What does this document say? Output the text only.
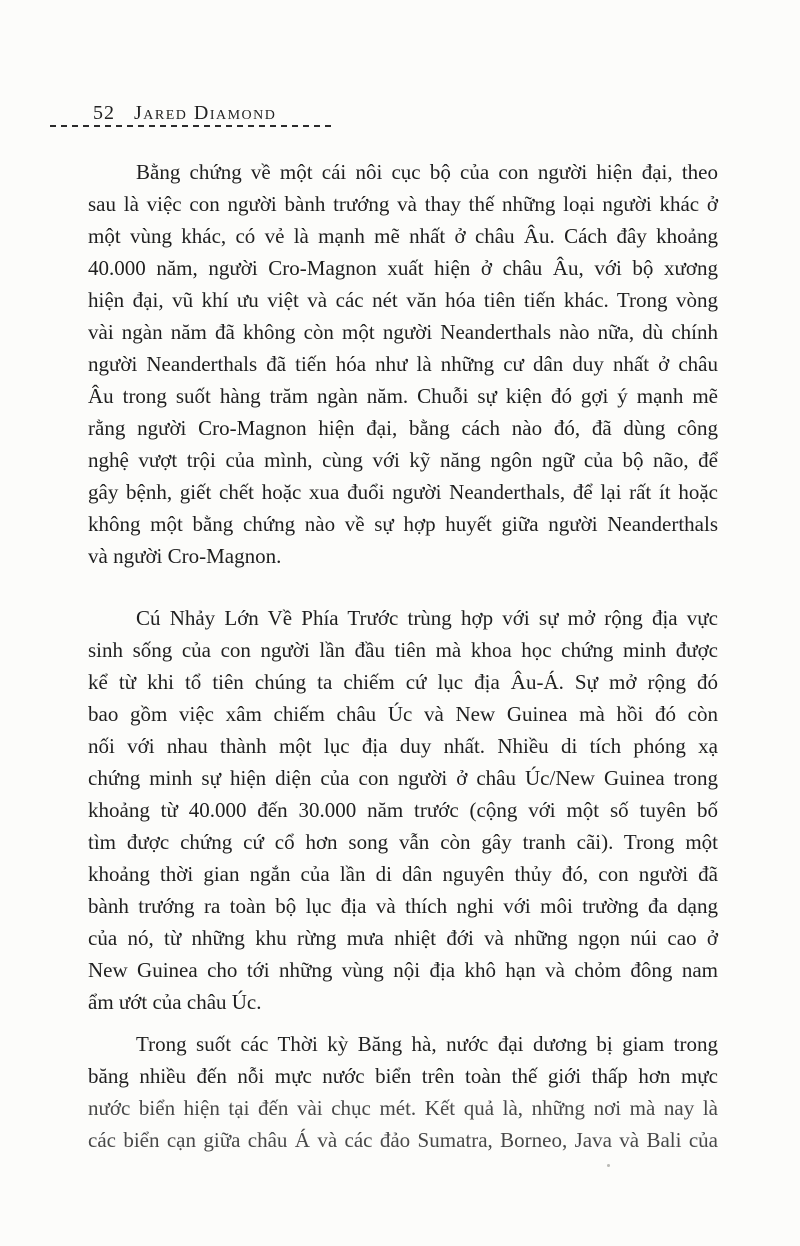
52 Jared Diamond
Bằng chứng về một cái nôi cục bộ của con người hiện đại, theo
sau là việc con người bành trướng và thay thế những loại người khác ở
một vùng khác, có vẻ là mạnh mẽ nhất ở châu Âu. Cách đây khoảng
40.000 năm, người Cro-Magnon xuất hiện ở châu Âu, với bộ xương
hiện đại, vũ khí ưu việt và các nét văn hóa tiên tiến khác. Trong vòng
vài ngàn năm đã không còn một người Neanderthals nào nữa, dù chính
người Neanderthals đã tiến hóa như là những cư dân duy nhất ở châu
Âu trong suốt hàng trăm ngàn năm. Chuỗi sự kiện đó gợi ý mạnh mẽ
rằng người Cro-Magnon hiện đại, bằng cách nào đó, đã dùng công
nghệ vượt trội của mình, cùng với kỹ năng ngôn ngữ của bộ não, để
gây bệnh, giết chết hoặc xua đuổi người Neanderthals, để lại rất ít hoặc
không một bằng chứng nào về sự hợp huyết giữa người Neanderthals
và người Cro-Magnon.
Cú Nhảy Lớn Về Phía Trước trùng hợp với sự mở rộng địa vực
sinh sống của con người lần đầu tiên mà khoa học chứng minh được
kể từ khi tổ tiên chúng ta chiếm cứ lục địa Âu-Á. Sự mở rộng đó
bao gồm việc xâm chiếm châu Úc và New Guinea mà hồi đó còn
nối với nhau thành một lục địa duy nhất. Nhiều di tích phóng xạ
chứng minh sự hiện diện của con người ở châu Úc/New Guinea trong
khoảng từ 40.000 đến 30.000 năm trước (cộng với một số tuyên bố
tìm được chứng cứ cổ hơn song vẫn còn gây tranh cãi). Trong một
khoảng thời gian ngắn của lần di dân nguyên thủy đó, con người đã
bành trướng ra toàn bộ lục địa và thích nghi với môi trường đa dạng
của nó, từ những khu rừng mưa nhiệt đới và những ngọn núi cao ở
New Guinea cho tới những vùng nội địa khô hạn và chỏm đông nam
ẩm ướt của châu Úc.
Trong suốt các Thời kỳ Băng hà, nước đại dương bị giam trong
băng nhiều đến nỗi mực nước biển trên toàn thế giới thấp hơn mực
nước biển hiện tại đến vài chục mét. Kết quả là, những nơi mà nay là
các biển cạn giữa châu Á và các đảo Sumatra, Borneo, Java và Bali của
